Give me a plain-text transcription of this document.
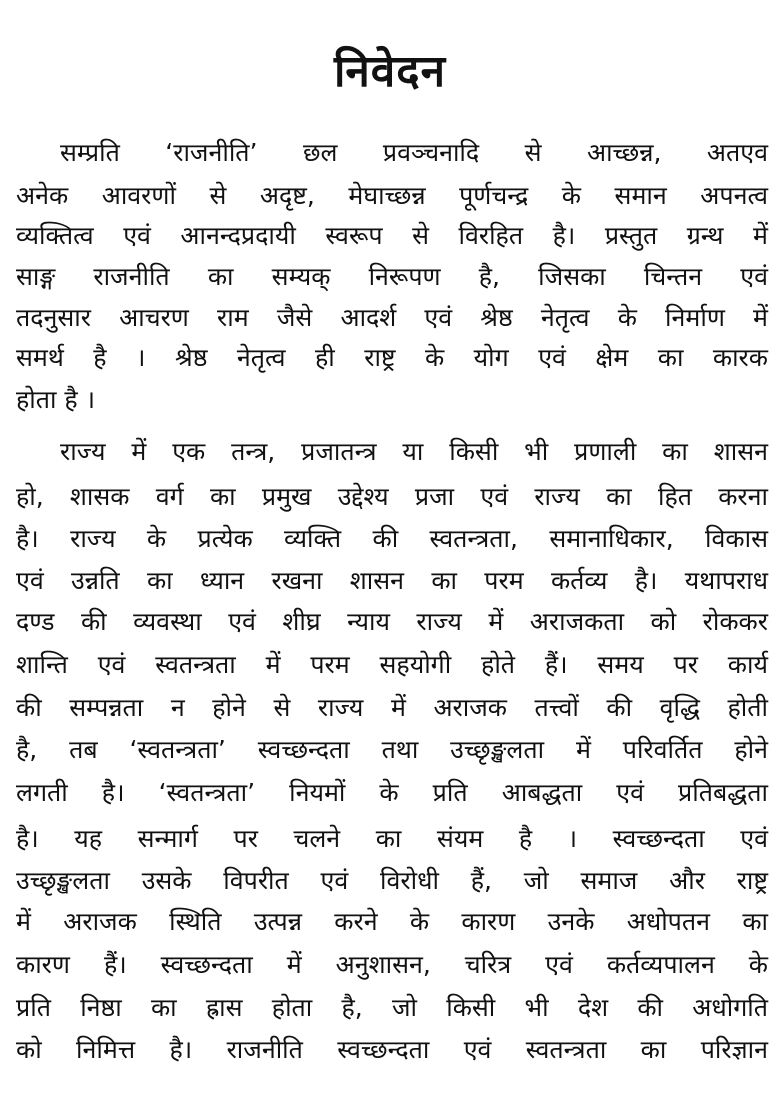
निवेदन
सम्प्रति ‘राजनीति’ छल प्रवञ्चनादि से आच्छन्न, अतएव
अनेक आवरणों से अदृष्ट, मेघाच्छन्न पूर्णचन्द्र के समान अपनत्व
व्यक्तित्व एवं आनन्दप्रदायी स्वरूप से विरहित है। प्रस्तुत ग्रन्थ में
साङ्ग राजनीति का सम्यक् निरूपण है, जिसका चिन्तन एवं
तदनुसार आचरण राम जैसे आदर्श एवं श्रेष्ठ नेतृत्व के निर्माण में
समर्थ है । श्रेष्ठ नेतृत्व ही राष्ट्र के योग एवं क्षेम का कारक
होता है ।
राज्य में एक तन्त्र, प्रजातन्त्र या किसी भी प्रणाली का शासन
हो, शासक वर्ग का प्रमुख उद्देश्य प्रजा एवं राज्य का हित करना
है। राज्य के प्रत्येक व्यक्ति की स्वतन्त्रता, समानाधिकार, विकास
एवं उन्नति का ध्यान रखना शासन का परम कर्तव्य है। यथापराध
दण्ड की व्यवस्था एवं शीघ्र न्याय राज्य में अराजकता को रोककर
शान्ति एवं स्वतन्त्रता में परम सहयोगी होते हैं। समय पर कार्य
की सम्पन्नता न होने से राज्य में अराजक तत्त्वों की वृद्धि होती
है, तब ‘स्वतन्त्रता’ स्वच्छन्दता तथा उच्छृङ्खलता में परिवर्तित होने
लगती है। ‘स्वतन्त्रता’ नियमों के प्रति आबद्धता एवं प्रतिबद्धता
है। यह सन्मार्ग पर चलने का संयम है । स्वच्छन्दता एवं
उच्छृङ्खलता उसके विपरीत एवं विरोधी हैं, जो समाज और राष्ट्र
में अराजक स्थिति उत्पन्न करने के कारण उनके अधोपतन का
कारण हैं। स्वच्छन्दता में अनुशासन, चरित्र एवं कर्तव्यपालन के
प्रति निष्ठा का ह्रास होता है, जो किसी भी देश की अधोगति
को निमित्त है। राजनीति स्वच्छन्दता एवं स्वतन्त्रता का परिज्ञान
